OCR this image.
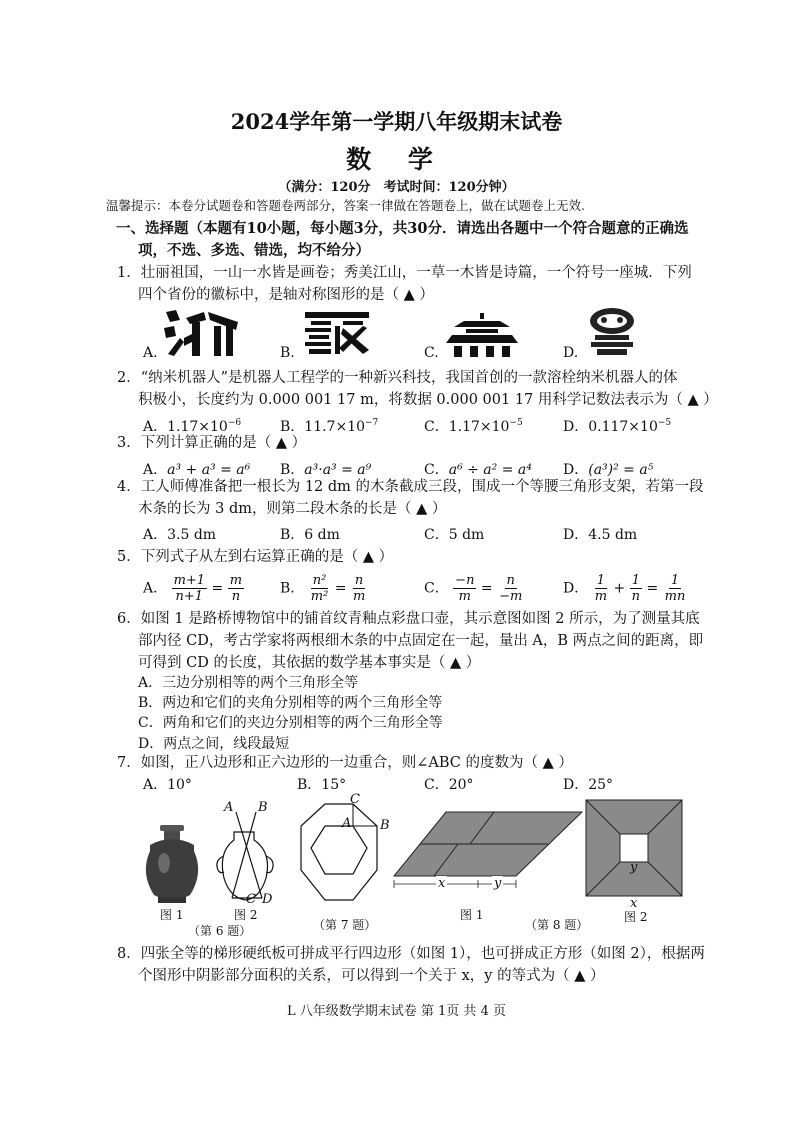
2024学年第一学期八年级期末试卷
数 学
（满分：120分　考试时间：120分钟）
温馨提示：本卷分试题卷和答题卷两部分，答案一律做在答题卷上，做在试题卷上无效.
一、选择题（本题有10小题，每小题3分，共30分．请选出各题中一个符合题意的正确选
项，不选、多选、错选，均不给分）
1．壮丽祖国，一山一水皆是画卷；秀美江山，一草一木皆是诗篇，一个符号一座城．下列
四个省份的徽标中，是轴对称图形的是（ ▲ ）
A.	B.	C.	D.
2．“纳米机器人”是机器人工程学的一种新兴科技，我国首创的一款溶栓纳米机器人的体
积极小，长度约为 0.000 001 17 m，将数据 0.000 001 17 用科学记数法表示为（ ▲ ）
A．$1.17\times 10^{-6}$	B．$11.7\times 10^{-7}$	C．$1.17\times 10^{-5}$	D．$0.117\times 10^{-5}$
3．下列计算正确的是（ ▲ ）
A．a³ + a³ = a⁶ B．a³·a³ = a⁹	C．a⁶ ÷ a² = a⁴ D．(a³)² = a⁵
4．工人师傅准备把一根长为 12 dm 的木条截成三段，围成一个等腰三角形支架，若第一段
木条的长为 3 dm，则第二段木条的长是（ ▲ ）
A．3.5 dm	B．6 dm	C．5 dm	D．4.5 dm
5．下列式子从左到右运算正确的是（ ▲ ）
A． $\frac{m+1}{n+1} = \frac{m}{n}$	B． $\frac{\text{n²}}{\text{m²}} = \frac{n}{m}$	C． $\frac{-n}{m} = \frac{n}{-m}$	D． $\frac{1}{m} + \frac{1}{n} = \frac{1}{mn}$
6．如图 1 是路桥博物馆中的铺首纹青釉点彩盘口壶，其示意图如图 2 所示，为了测量其底
部内径 CD，考古学家将两根细木条的中点固定在一起，量出 A，B 两点之间的距离，即
可得到 CD 的长度，其依据的数学基本事实是（ ▲ ）
A．三边分别相等的两个三角形全等
B．两边和它们的夹角分别相等的两个三角形全等
C．两角和它们的夹边分别相等的两个三角形全等
D．两点之间，线段最短
7．如图，正八边形和正六边形的一边重合，则∠ABC 的度数为（ ▲ ）
A．10°	B．15°	C．20°	D．25°
图 1
A B
C D
图 2
（第 6 题）
C
A B
（第 7 题）
x	y
图 1
（第 8 题）
y
x
图 2
8．四张全等的梯形硬纸板可拼成平行四边形（如图 1），也可拼成正方形（如图 2），根据两
个图形中阴影部分面积的关系，可以得到一个关于 x，y 的等式为（ ▲ ）
L 八年级数学期末试卷 第 1页 共 4 页
